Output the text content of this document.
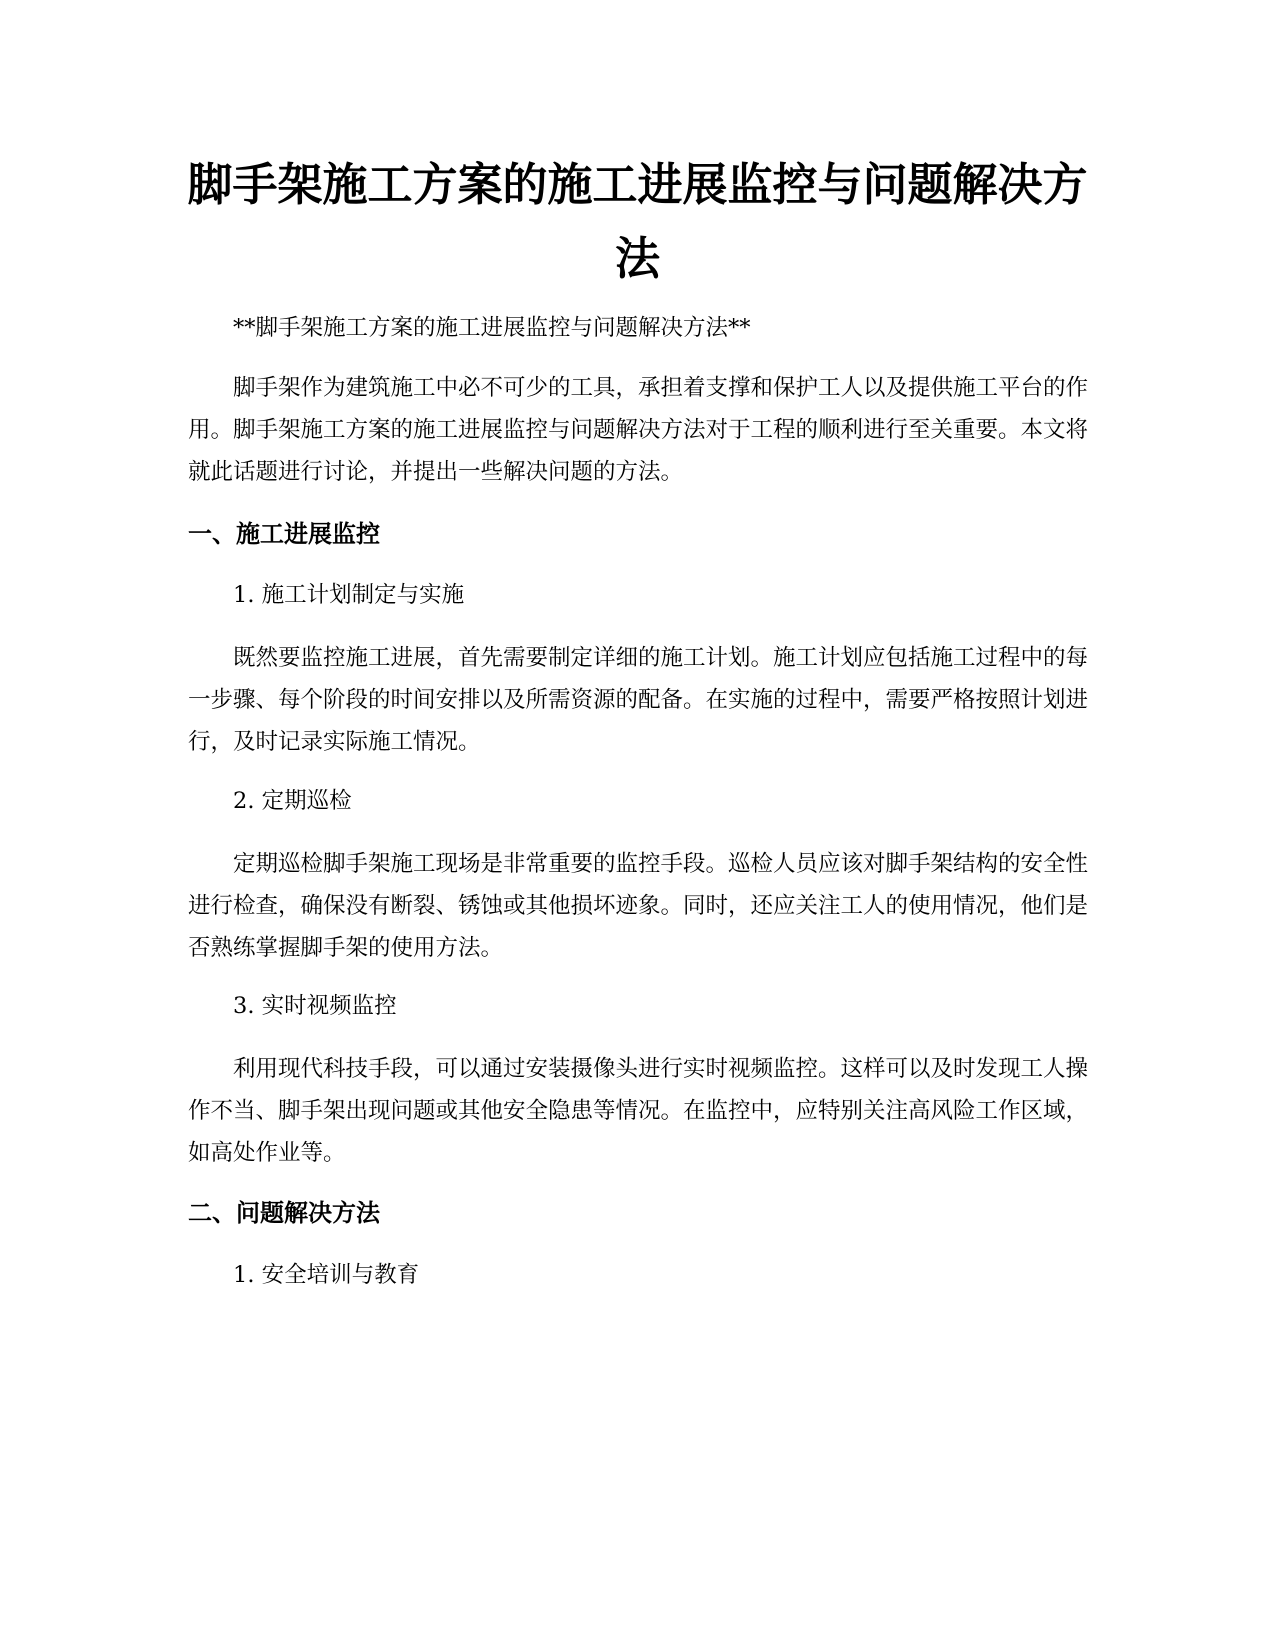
脚手架施工方案的施工进展监控与问题解决方法

**脚手架施工方案的施工进展监控与问题解决方法**

脚手架作为建筑施工中必不可少的工具，承担着支撑和保护工人以及提供施工平台的作用。脚手架施工方案的施工进展监控与问题解决方法对于工程的顺利进行至关重要。本文将就此话题进行讨论，并提出一些解决问题的方法。

一、施工进展监控

1. 施工计划制定与实施

既然要监控施工进展，首先需要制定详细的施工计划。施工计划应包括施工过程中的每一步骤、每个阶段的时间安排以及所需资源的配备。在实施的过程中，需要严格按照计划进行，及时记录实际施工情况。

2. 定期巡检

定期巡检脚手架施工现场是非常重要的监控手段。巡检人员应该对脚手架结构的安全性进行检查，确保没有断裂、锈蚀或其他损坏迹象。同时，还应关注工人的使用情况，他们是否熟练掌握脚手架的使用方法。

3. 实时视频监控

利用现代科技手段，可以通过安装摄像头进行实时视频监控。这样可以及时发现工人操作不当、脚手架出现问题或其他安全隐患等情况。在监控中，应特别关注高风险工作区域，如高处作业等。

二、问题解决方法

1. 安全培训与教育
